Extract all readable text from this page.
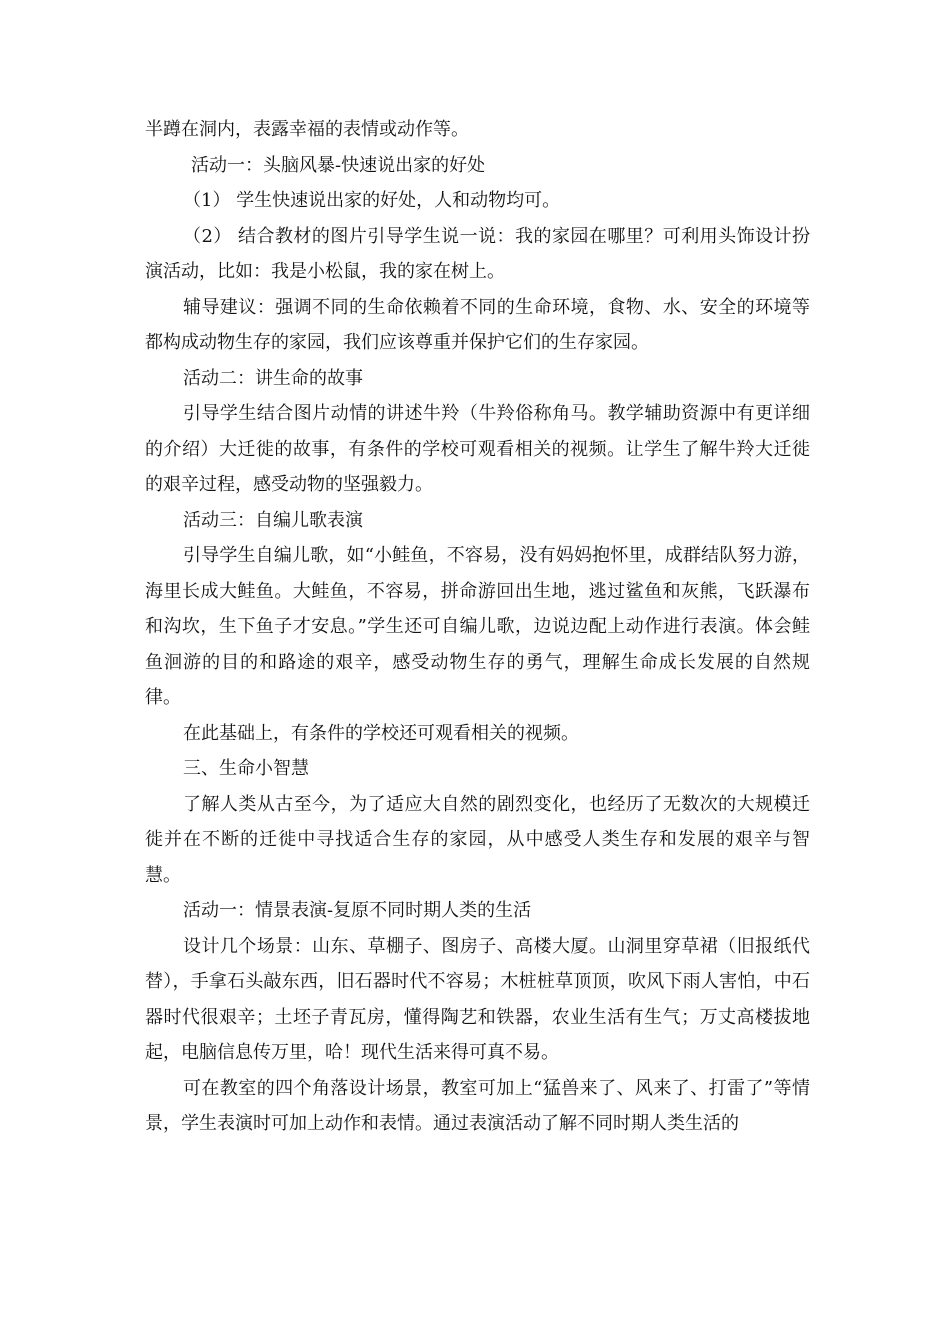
半蹲在洞内，表露幸福的表情或动作等。

活动一：头脑风暴-快速说出家的好处

（1） 学生快速说出家的好处，人和动物均可。

（2） 结合教材的图片引导学生说一说：我的家园在哪里？可利用头饰设计扮演活动，比如：我是小松鼠，我的家在树上。

辅导建议：强调不同的生命依赖着不同的生命环境，食物、水、安全的环境等都构成动物生存的家园，我们应该尊重并保护它们的生存家园。

活动二：讲生命的故事

引导学生结合图片动情的讲述牛羚（牛羚俗称角马。教学辅助资源中有更详细的介绍）大迁徙的故事，有条件的学校可观看相关的视频。让学生了解牛羚大迁徙的艰辛过程，感受动物的坚强毅力。

活动三：自编儿歌表演

引导学生自编儿歌，如“小鲑鱼，不容易，没有妈妈抱怀里，成群结队努力游，海里长成大鲑鱼。大鲑鱼，不容易，拼命游回出生地，逃过鲨鱼和灰熊，飞跃瀑布和沟坎，生下鱼子才安息。”学生还可自编儿歌，边说边配上动作进行表演。体会鲑鱼洄游的目的和路途的艰辛，感受动物生存的勇气，理解生命成长发展的自然规律。

在此基础上，有条件的学校还可观看相关的视频。

三、生命小智慧

了解人类从古至今，为了适应大自然的剧烈变化，也经历了无数次的大规模迁徙并在不断的迁徙中寻找适合生存的家园，从中感受人类生存和发展的艰辛与智慧。

活动一：情景表演-复原不同时期人类的生活

设计几个场景：山东、草棚子、图房子、高楼大厦。山洞里穿草裙（旧报纸代替），手拿石头敲东西，旧石器时代不容易；木桩桩草顶顶，吹风下雨人害怕，中石器时代很艰辛；土坯子青瓦房，懂得陶艺和铁器，农业生活有生气；万丈高楼拔地起，电脑信息传万里，哈！现代生活来得可真不易。

可在教室的四个角落设计场景，教室可加上“猛兽来了、风来了、打雷了”等情景，学生表演时可加上动作和表情。通过表演活动了解不同时期人类生活的
